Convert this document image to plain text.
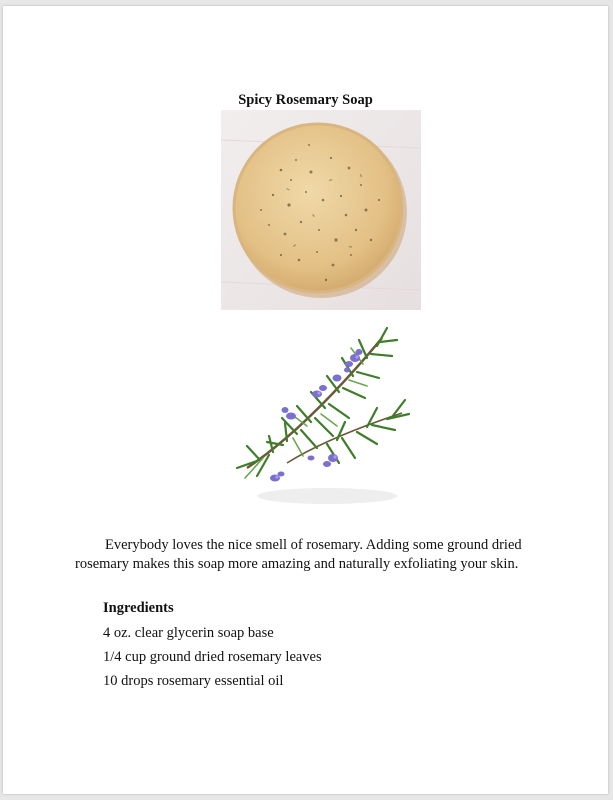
Spicy Rosemary Soap
Everybody loves the nice smell of rosemary. Adding some ground dried
rosemary makes this soap more amazing and naturally exfoliating your skin.
Ingredients
4 oz. clear glycerin soap base
1/4 cup ground dried rosemary leaves
10 drops rosemary essential oil
